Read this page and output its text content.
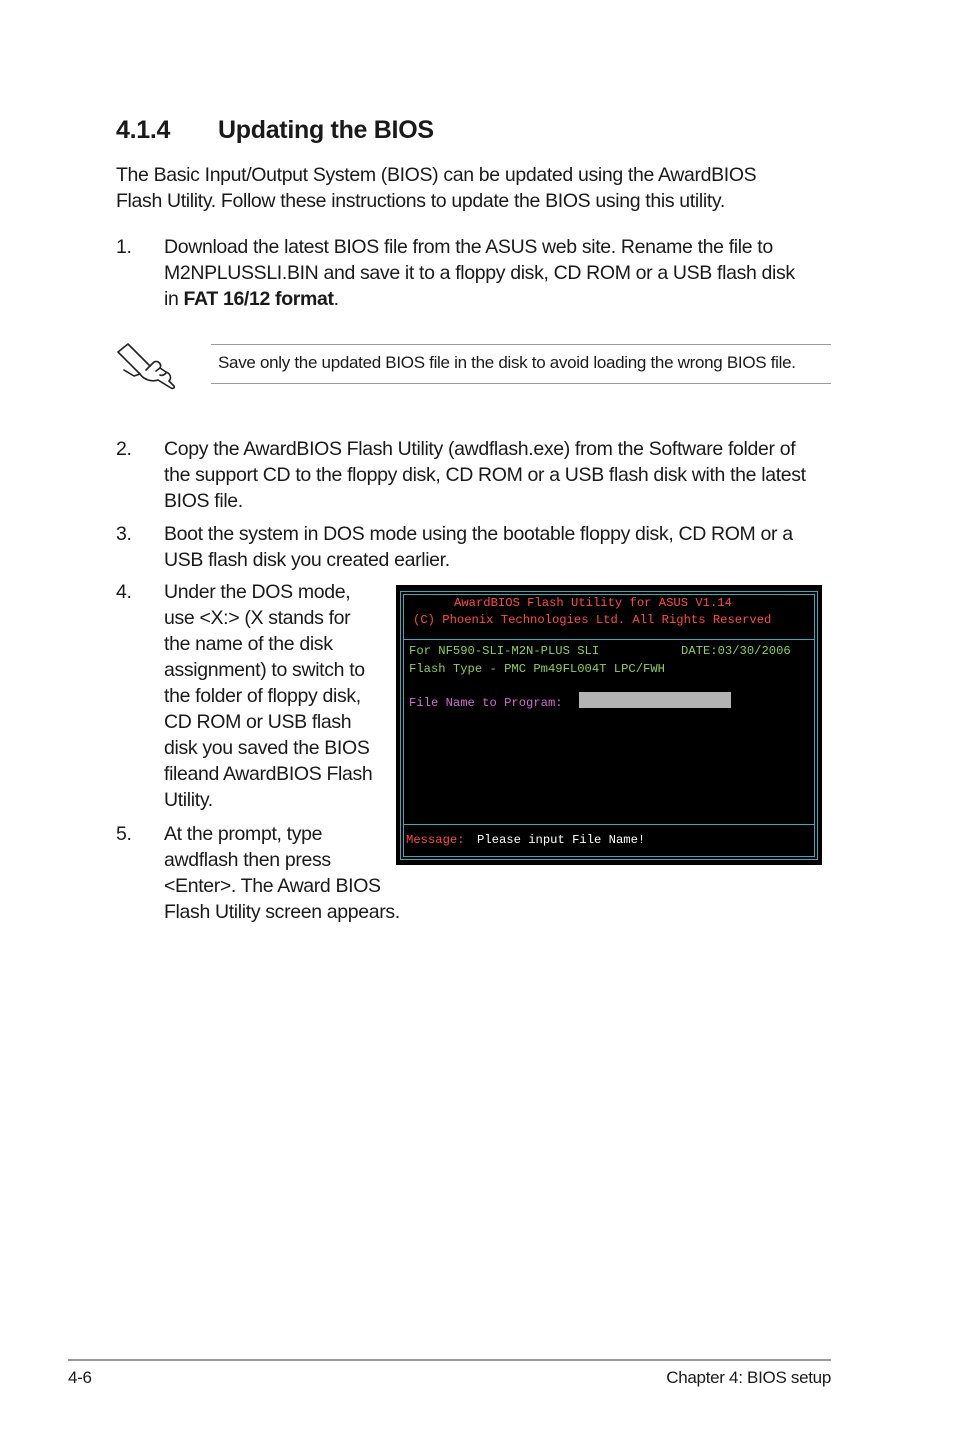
4.1.4 Updating the BIOS
The Basic Input/Output System (BIOS) can be updated using the AwardBIOS
Flash Utility. Follow these instructions to update the BIOS using this utility.
1. Download the latest BIOS file from the ASUS web site. Rename the file to
M2NPLUSSLI.BIN and save it to a floppy disk, CD ROM or a USB flash disk
in FAT 16/12 format.
Save only the updated BIOS file in the disk to avoid loading the wrong BIOS file.
2. Copy the AwardBIOS Flash Utility (awdflash.exe) from the Software folder of
the support CD to the floppy disk, CD ROM or a USB flash disk with the latest
BIOS file.
3. Boot the system in DOS mode using the bootable floppy disk, CD ROM or a
USB flash disk you created earlier.
4. Under the DOS mode,
use <X:> (X stands for
the name of the disk
assignment) to switch to
the folder of floppy disk,
CD ROM or USB flash
disk you saved the BIOS
fileand AwardBIOS Flash
Utility.
5. At the prompt, type
awdflash then press
<Enter>. The Award BIOS
Flash Utility screen appears.
AwardBIOS Flash Utility for ASUS V1.14
(C) Phoenix Technologies Ltd. All Rights Reserved
For NF590-SLI-M2N-PLUS SLI	DATE:03/30/2006
Flash Type - PMC Pm49FL004T LPC/FWH
File Name to Program:
Message: Please input File Name!
4-6	Chapter 4: BIOS setup
